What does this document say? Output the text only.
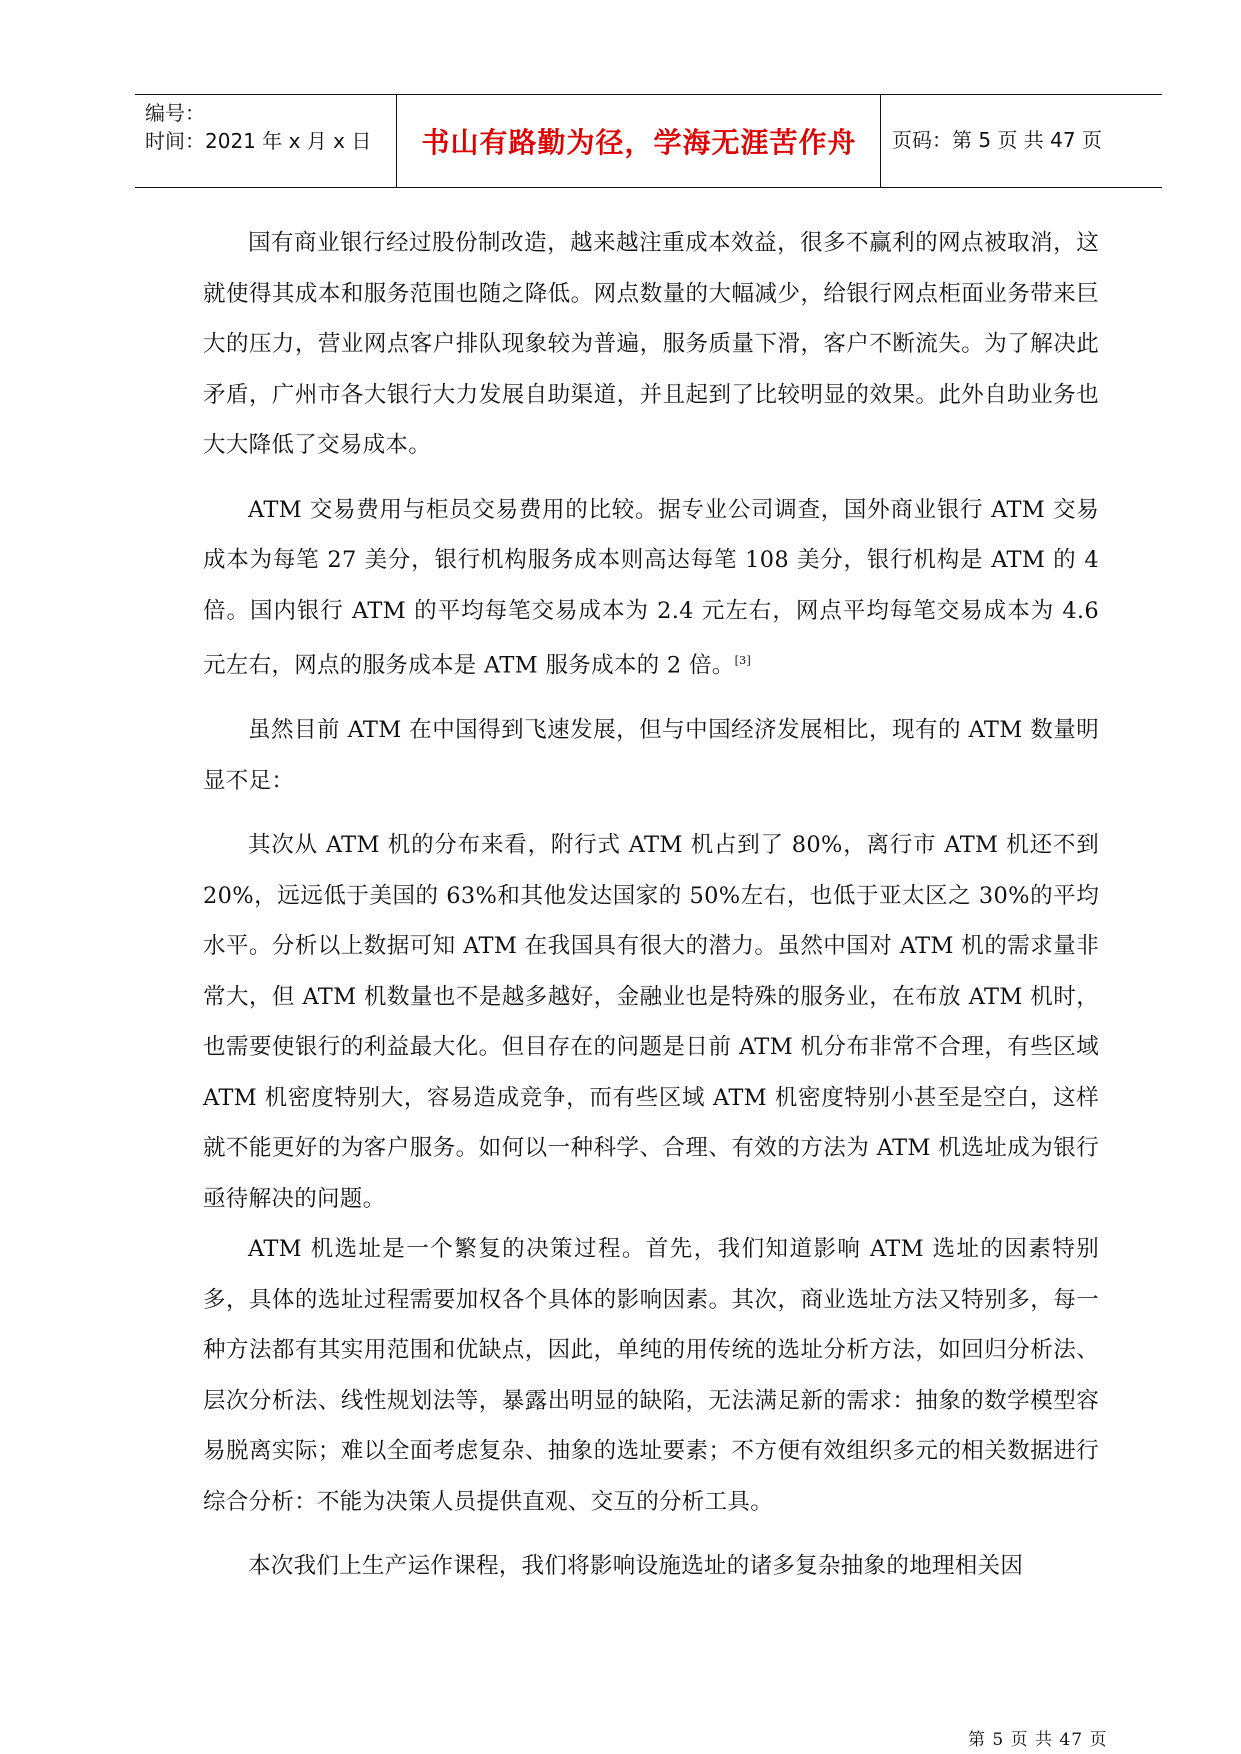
编号：
时间：2021 年 x 月 x 日 书山有路勤为径，学海无涯苦作舟 页码：第 5 页 共 47 页

国有商业银行经过股份制改造，越来越注重成本效益，很多不赢利的网点被取消，这就使得其成本和服务范围也随之降低。网点数量的大幅减少，给银行网点柜面业务带来巨大的压力，营业网点客户排队现象较为普遍，服务质量下滑，客户不断流失。为了解决此矛盾，广州市各大银行大力发展自助渠道，并且起到了比较明显的效果。此外自助业务也大大降低了交易成本。

ATM 交易费用与柜员交易费用的比较。据专业公司调查，国外商业银行 ATM 交易成本为每笔 27 美分，银行机构服务成本则高达每笔 108 美分，银行机构是 ATM 的 4 倍。国内银行 ATM 的平均每笔交易成本为 2.4 元左右，网点平均每笔交易成本为 4.6 元左右，网点的服务成本是 ATM 服务成本的 2 倍。[3]

虽然目前 ATM 在中国得到飞速发展，但与中国经济发展相比，现有的 ATM 数量明显不足：

其次从 ATM 机的分布来看，附行式 ATM 机占到了 80%，离行市 ATM 机还不到 20%，远远低于美国的 63%和其他发达国家的 50%左右，也低于亚太区之 30%的平均水平。分析以上数据可知 ATM 在我国具有很大的潜力。虽然中国对 ATM 机的需求量非常大，但 ATM 机数量也不是越多越好，金融业也是特殊的服务业，在布放 ATM 机时，也需要使银行的利益最大化。但目存在的问题是日前 ATM 机分布非常不合理，有些区域 ATM 机密度特别大，容易造成竞争，而有些区域 ATM 机密度特别小甚至是空白，这样就不能更好的为客户服务。如何以一种科学、合理、有效的方法为 ATM 机选址成为银行亟待解决的问题。

ATM 机选址是一个繁复的决策过程。首先，我们知道影响 ATM 选址的因素特别多，具体的选址过程需要加权各个具体的影响因素。其次，商业选址方法又特别多，每一种方法都有其实用范围和优缺点，因此，单纯的用传统的选址分析方法，如回归分析法、层次分析法、线性规划法等，暴露出明显的缺陷，无法满足新的需求：抽象的数学模型容易脱离实际；难以全面考虑复杂、抽象的选址要素；不方便有效组织多元的相关数据进行综合分析：不能为决策人员提供直观、交互的分析工具。

本次我们上生产运作课程，我们将影响设施选址的诸多复杂抽象的地理相关因

第 5 页 共 47 页
